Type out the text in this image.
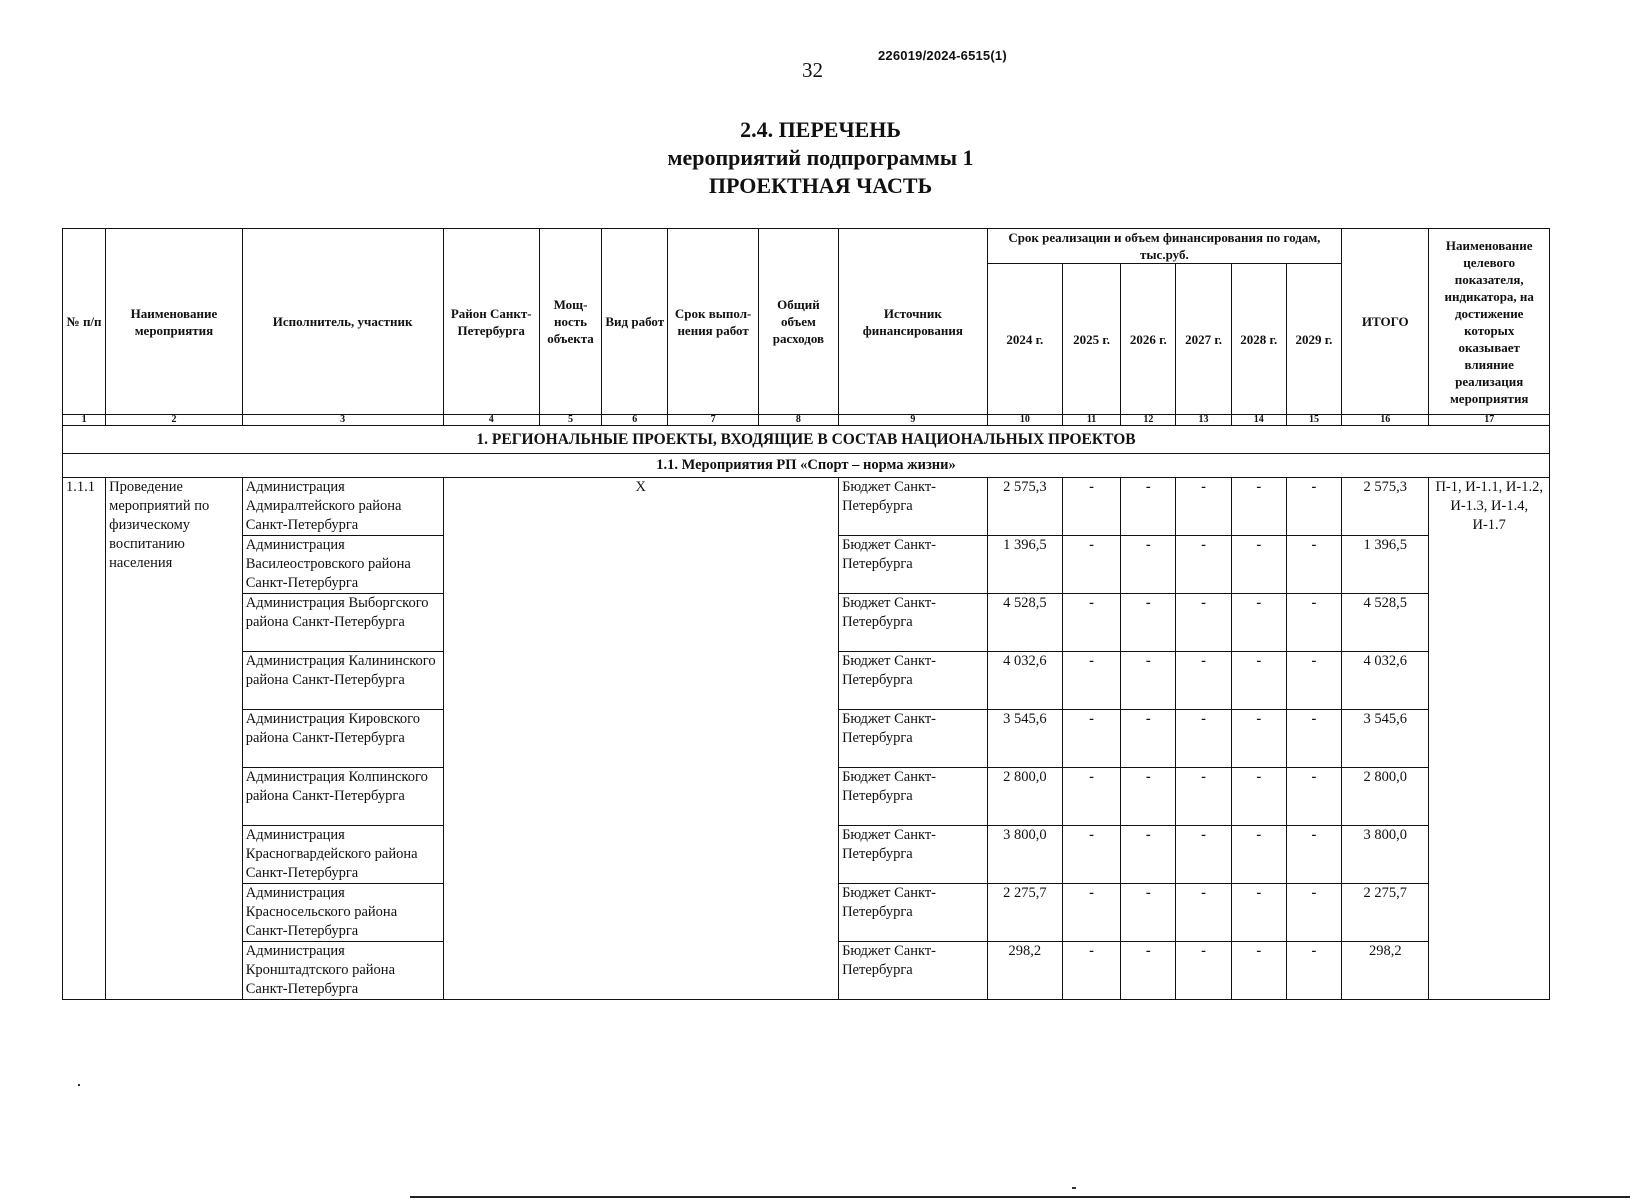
226019/2024-6515(1)
32
2.4. ПЕРЕЧЕНЬ
мероприятий подпрограммы 1
ПРОЕКТНАЯ ЧАСТЬ
№ п/п	Наименование мероприятия	Исполнитель, участник	Район Санкт-Петербурга	Мощ-ность объекта	Вид работ	Срок выпол-нения работ	Общий объем расходов	Источник финансирования	Срок реализации и объем финансирования по годам, тыс.руб.						ИТОГО	Наименование целевого показателя, индикатора, на достижение которых оказывает влияние реализация мероприятия
									2024 г.	2025 г.	2026 г.	2027 г.	2028 г.	2029 г.		
1	2	3	4	5	6	7	8	9	10	11	12	13	14	15	16	17
1. РЕГИОНАЛЬНЫЕ ПРОЕКТЫ, ВХОДЯЩИЕ В СОСТАВ НАЦИОНАЛЬНЫХ ПРОЕКТОВ																
1.1. Мероприятия РП «Спорт – норма жизни»																
1.1.1	Проведение мероприятий по физическому воспитанию населения	Администрация Адмиралтейского района Санкт-Петербурга	Х					Бюджет Санкт-Петербурга	2 575,3	-	-	-	-	-	2 575,3	П-1, И-1.1, И-1.2, И-1.3, И-1.4, И-1.7
		Администрация Василеостровского района Санкт-Петербурга						Бюджет Санкт-Петербурга	1 396,5	-	-	-	-	-	1 396,5	
		Администрация Выборгского района Санкт-Петербурга						Бюджет Санкт-Петербурга	4 528,5	-	-	-	-	-	4 528,5	
		Администрация Калининского района Санкт-Петербурга						Бюджет Санкт-Петербурга	4 032,6	-	-	-	-	-	4 032,6	
		Администрация Кировского района Санкт-Петербурга						Бюджет Санкт-Петербурга	3 545,6	-	-	-	-	-	3 545,6	
		Администрация Колпинского района Санкт-Петербурга						Бюджет Санкт-Петербурга	2 800,0	-	-	-	-	-	2 800,0	
		Администрация Красногвардейского района Санкт-Петербурга						Бюджет Санкт-Петербурга	3 800,0	-	-	-	-	-	3 800,0	
		Администрация Красносельского района Санкт-Петербурга						Бюджет Санкт-Петербурга	2 275,7	-	-	-	-	-	2 275,7	
		Администрация Кронштадтского района Санкт-Петербурга						Бюджет Санкт-Петербурга	298,2	-	-	-	-	-	298,2	
